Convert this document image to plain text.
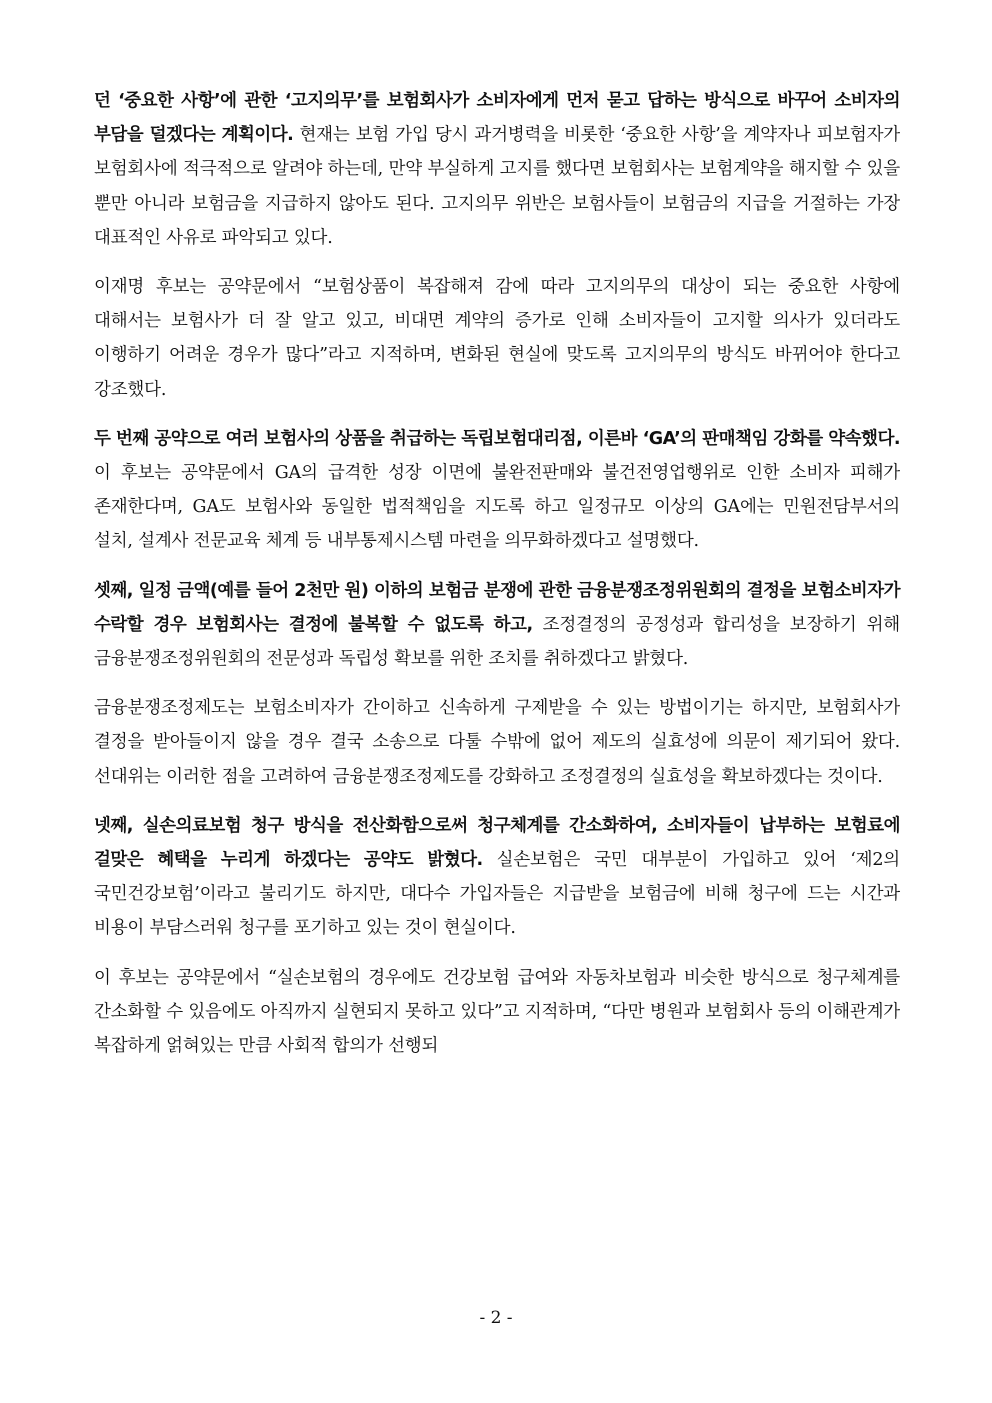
던 ‘중요한 사항’에 관한 ‘고지의무’를 보험회사가 소비자에게 먼저 묻고 답하는 방식으로 바꾸어 소비자의 부담을 덜겠다는 계획이다. 현재는 보험 가입 당시 과거병력을 비롯한 ‘중요한 사항’을 계약자나 피보험자가 보험회사에 적극적으로 알려야 하는데, 만약 부실하게 고지를 했다면 보험회사는 보험계약을 해지할 수 있을 뿐만 아니라 보험금을 지급하지 않아도 된다. 고지의무 위반은 보험사들이 보험금의 지급을 거절하는 가장 대표적인 사유로 파악되고 있다.

이재명 후보는 공약문에서 “보험상품이 복잡해져 감에 따라 고지의무의 대상이 되는 중요한 사항에 대해서는 보험사가 더 잘 알고 있고, 비대면 계약의 증가로 인해 소비자들이 고지할 의사가 있더라도 이행하기 어려운 경우가 많다”라고 지적하며, 변화된 현실에 맞도록 고지의무의 방식도 바뀌어야 한다고 강조했다.

두 번째 공약으로 여러 보험사의 상품을 취급하는 독립보험대리점, 이른바 ‘GA’의 판매책임 강화를 약속했다. 이 후보는 공약문에서 GA의 급격한 성장 이면에 불완전판매와 불건전영업행위로 인한 소비자 피해가 존재한다며, GA도 보험사와 동일한 법적책임을 지도록 하고 일정규모 이상의 GA에는 민원전담부서의 설치, 설계사 전문교육 체계 등 내부통제시스템 마련을 의무화하겠다고 설명했다.

셋째, 일정 금액(예를 들어 2천만 원) 이하의 보험금 분쟁에 관한 금융분쟁조정위원회의 결정을 보험소비자가 수락할 경우 보험회사는 결정에 불복할 수 없도록 하고, 조정결정의 공정성과 합리성을 보장하기 위해 금융분쟁조정위원회의 전문성과 독립성 확보를 위한 조치를 취하겠다고 밝혔다.

금융분쟁조정제도는 보험소비자가 간이하고 신속하게 구제받을 수 있는 방법이기는 하지만, 보험회사가 결정을 받아들이지 않을 경우 결국 소송으로 다툴 수밖에 없어 제도의 실효성에 의문이 제기되어 왔다. 선대위는 이러한 점을 고려하여 금융분쟁조정제도를 강화하고 조정결정의 실효성을 확보하겠다는 것이다.

넷째, 실손의료보험 청구 방식을 전산화함으로써 청구체계를 간소화하여, 소비자들이 납부하는 보험료에 걸맞은 혜택을 누리게 하겠다는 공약도 밝혔다. 실손보험은 국민 대부분이 가입하고 있어 ‘제2의 국민건강보험’이라고 불리기도 하지만, 대다수 가입자들은 지급받을 보험금에 비해 청구에 드는 시간과 비용이 부담스러워 청구를 포기하고 있는 것이 현실이다.

이 후보는 공약문에서 “실손보험의 경우에도 건강보험 급여와 자동차보험과 비슷한 방식으로 청구체계를 간소화할 수 있음에도 아직까지 실현되지 못하고 있다”고 지적하며, “다만 병원과 보험회사 등의 이해관계가 복잡하게 얽혀있는 만큼 사회적 합의가 선행되

- 2 -
